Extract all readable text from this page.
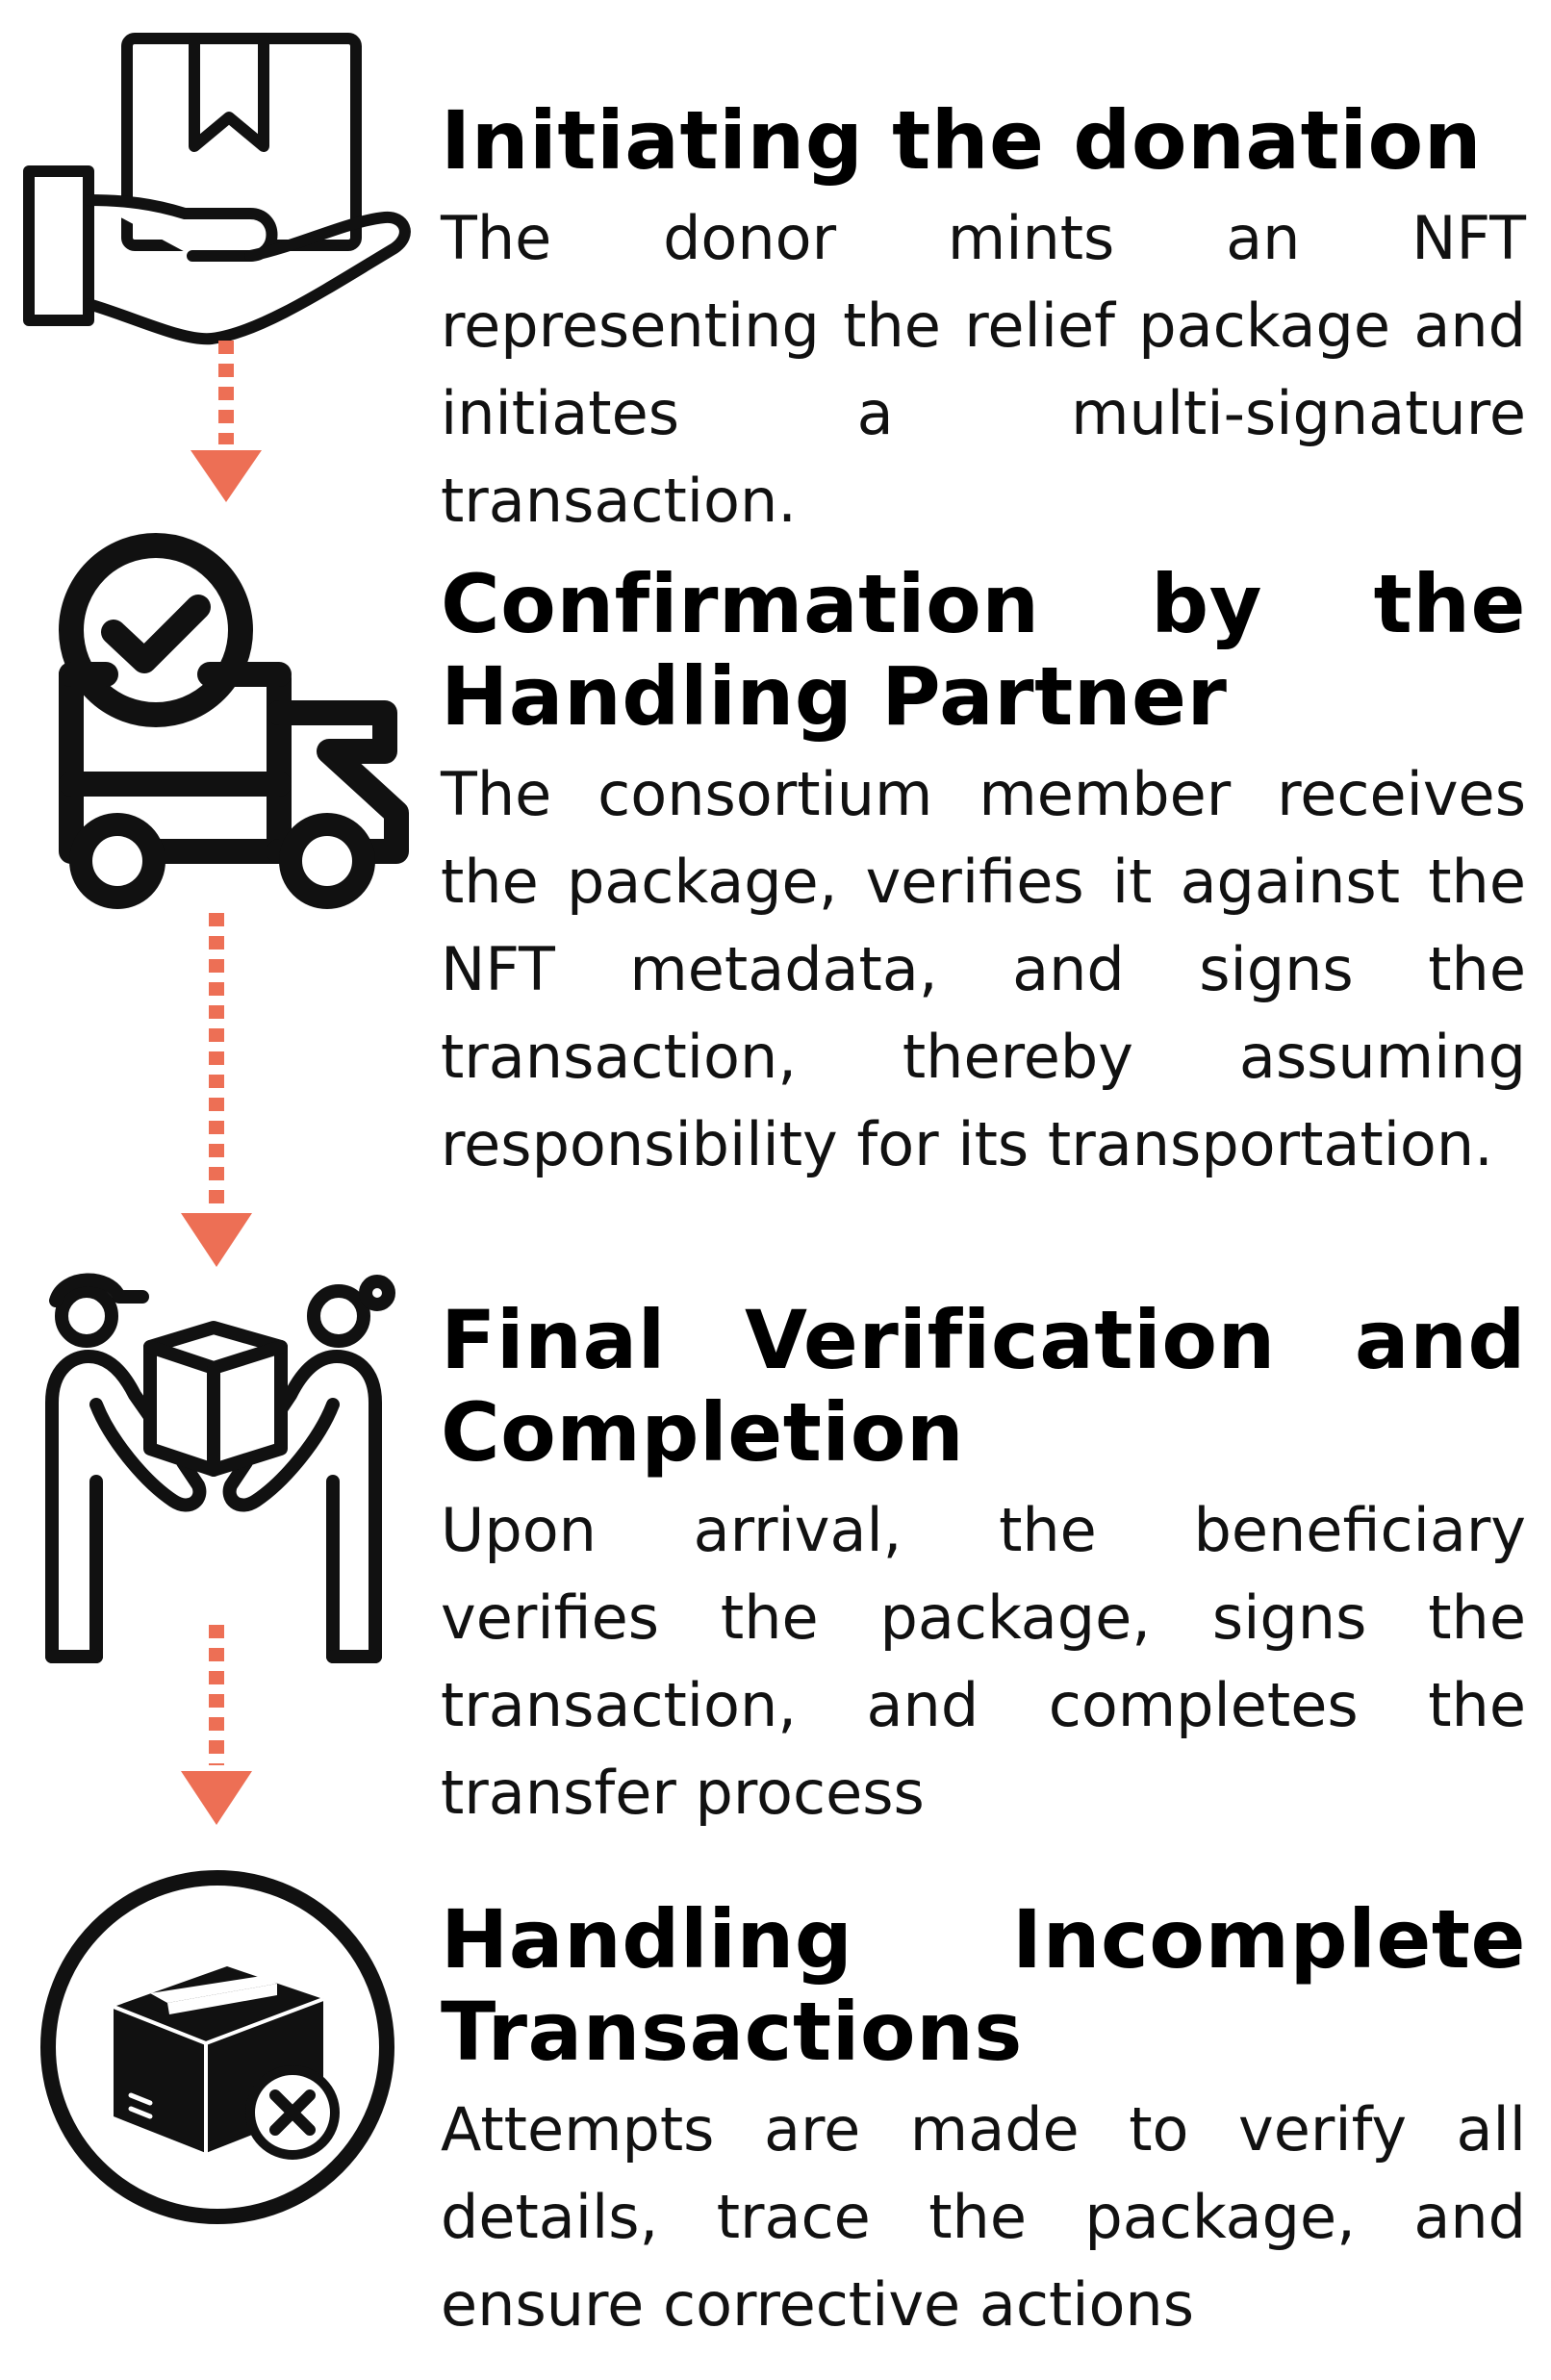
Initiating the donation

The donor mints an NFT representing the relief package and initiates a multi-signature transaction.

Confirmation by the Handling Partner

The consortium member receives the package, verifies it against the NFT metadata, and signs the transaction, thereby assuming responsibility for its transportation.

Final Verification and Completion

Upon arrival, the beneficiary verifies the package, signs the transaction, and completes the transfer process

Handling Incomplete Transactions

Attempts are made to verify all details, trace the package, and ensure corrective actions
